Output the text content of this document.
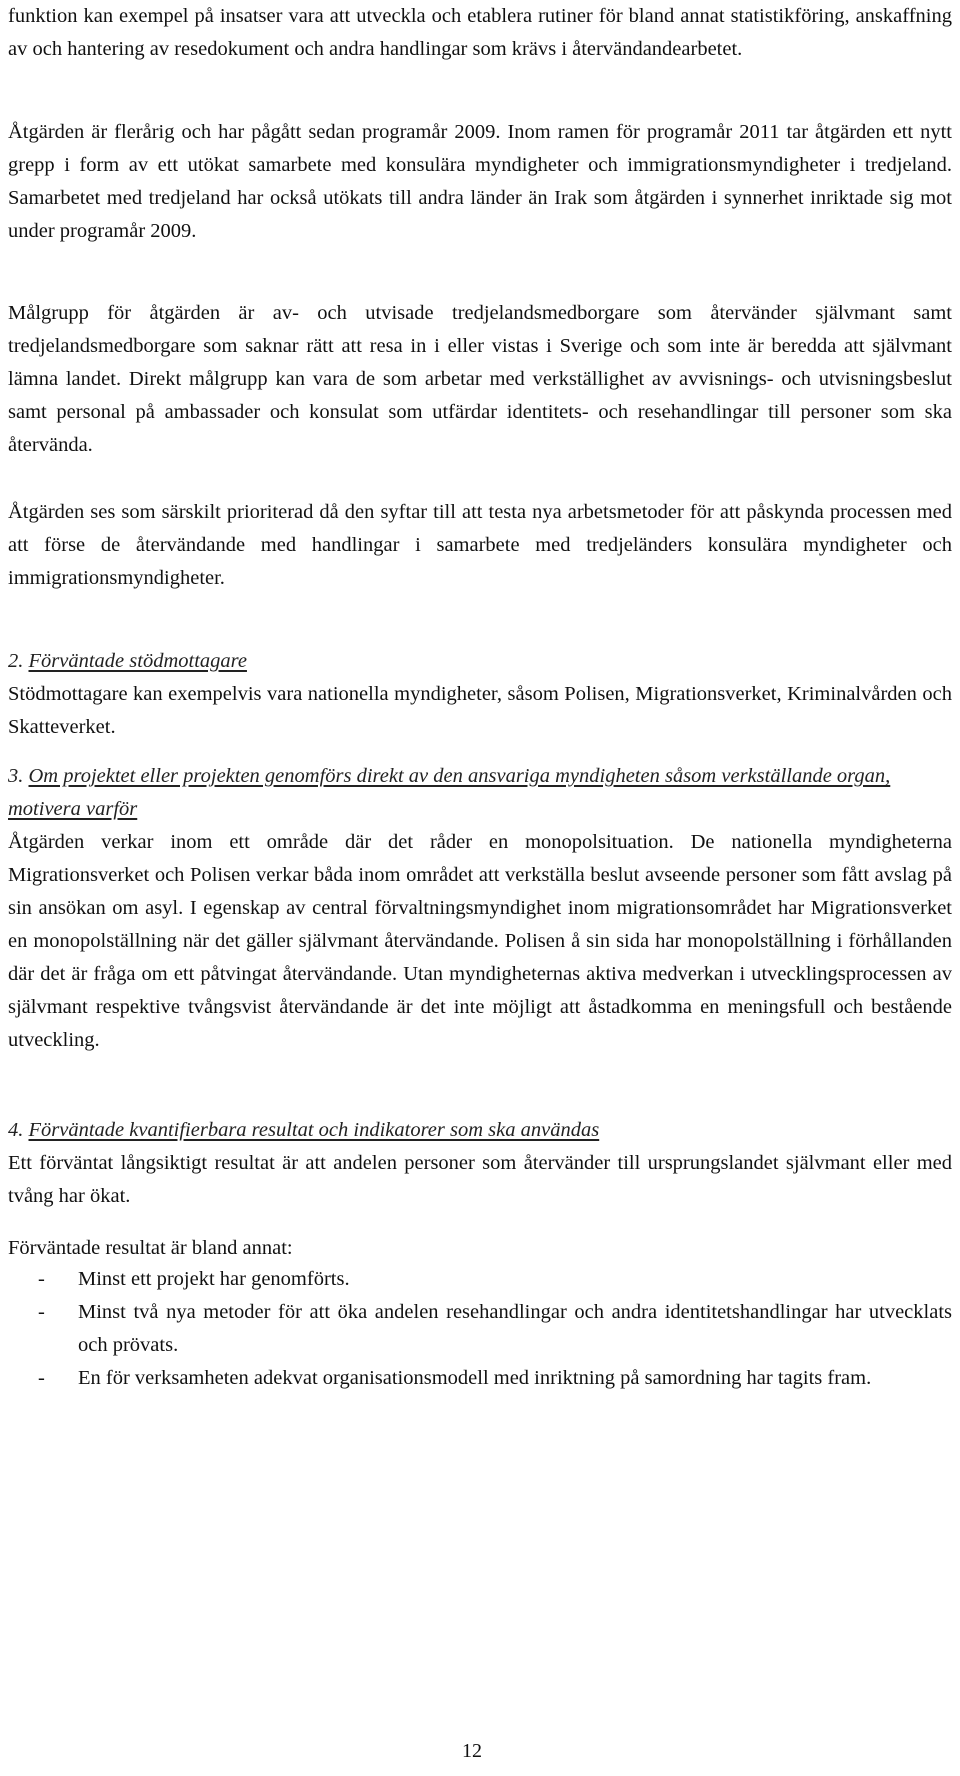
funktion kan exempel på insatser vara att utveckla och etablera rutiner för bland annat statistikföring, anskaffning av och hantering av resedokument och andra handlingar som krävs i återvändandearbetet.

Åtgärden är flerårig och har pågått sedan programår 2009. Inom ramen för programår 2011 tar åtgärden ett nytt grepp i form av ett utökat samarbete med konsulära myndigheter och immigrationsmyndigheter i tredjeland. Samarbetet med tredjeland har också utökats till andra länder än Irak som åtgärden i synnerhet inriktade sig mot under programår 2009.

Målgrupp för åtgärden är av- och utvisade tredjelandsmedborgare som återvänder självmant samt tredjelandsmedborgare som saknar rätt att resa in i eller vistas i Sverige och som inte är beredda att självmant lämna landet. Direkt målgrupp kan vara de som arbetar med verkställighet av avvisnings- och utvisningsbeslut samt personal på ambassader och konsulat som utfärdar identitets- och resehandlingar till personer som ska återvända.

Åtgärden ses som särskilt prioriterad då den syftar till att testa nya arbetsmetoder för att påskynda processen med att förse de återvändande med handlingar i samarbete med tredjeländers konsulära myndigheter och immigrationsmyndigheter.

2. Förväntade stödmottagare
Stödmottagare kan exempelvis vara nationella myndigheter, såsom Polisen, Migrationsverket, Kriminalvården och Skatteverket.
3. Om projektet eller projekten genomförs direkt av den ansvariga myndigheten såsom verkställande organ, motivera varför
Åtgärden verkar inom ett område där det råder en monopolsituation. De nationella myndigheterna Migrationsverket och Polisen verkar båda inom området att verkställa beslut avseende personer som fått avslag på sin ansökan om asyl. I egenskap av central förvaltningsmyndighet inom migrationsområdet har Migrationsverket en monopolställning när det gäller självmant återvändande. Polisen å sin sida har monopolställning i förhållanden där det är fråga om ett påtvingat återvändande. Utan myndigheternas aktiva medverkan i utvecklingsprocessen av självmant respektive tvångsvist återvändande är det inte möjligt att åstadkomma en meningsfull och bestående utveckling.
4. Förväntade kvantifierbara resultat och indikatorer som ska användas
Ett förväntat långsiktigt resultat är att andelen personer som återvänder till ursprungslandet självmant eller med tvång har ökat.

Förväntade resultat är bland annat:

- Minst ett projekt har genomförts.
- Minst två nya metoder för att öka andelen resehandlingar och andra identitetshandlingar har utvecklats och prövats.
- En för verksamheten adekvat organisationsmodell med inriktning på samordning har tagits fram.
12
